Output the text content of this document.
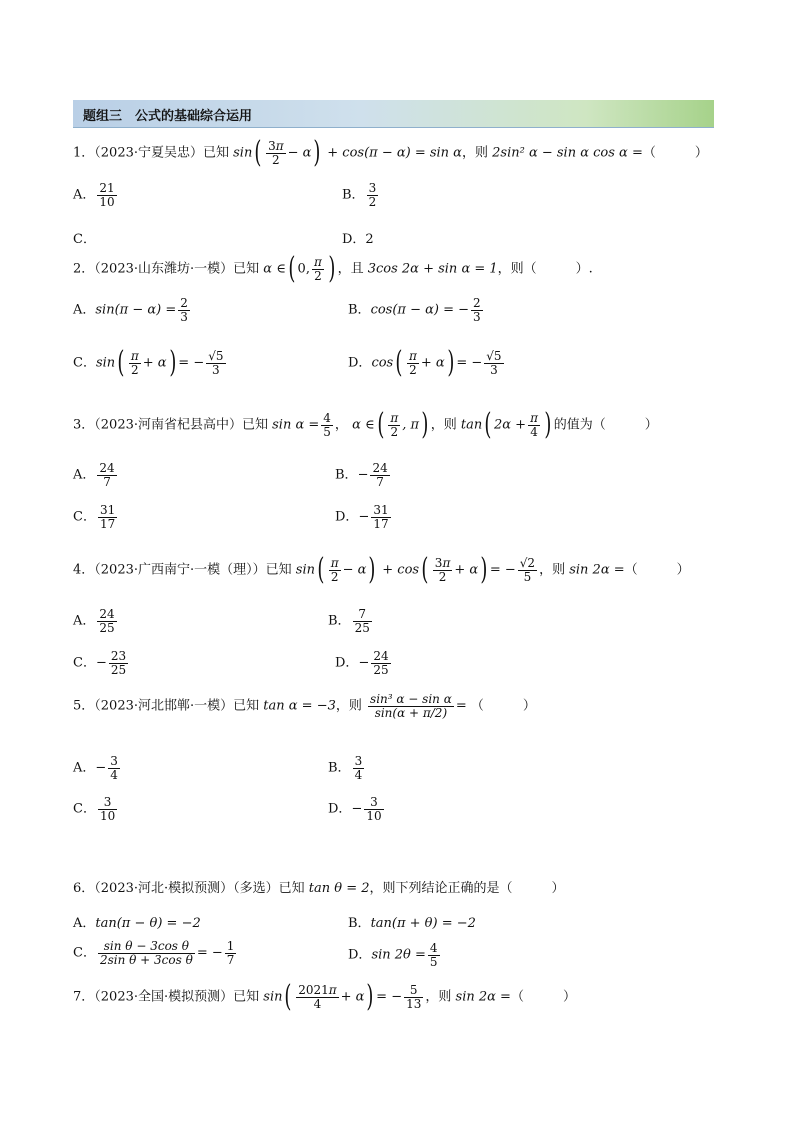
题组三　公式的基础综合运用
1．（2023·宁夏吴忠）已知 $\sin( \frac{3\pi}{2} - \alpha) + \cos(\pi - \alpha) = \sin \alpha$，则 2sin² α − sin α cos α =（　　　）
A． $\frac{21}{10}$	B． $\frac{3}{2}$
C．	D．2
2．（2023·山东潍坊·一模）已知 α ∈( 0, $\frac{\pi}{2}$ ) ，且 3cos 2α + sin α = 1，则（　　　）.
A．$\sin(\pi - \alpha) = \frac{2}{3}$	B．cos(π − α) = − $\frac{2}{3}$
C．$\sin( \frac{\pi}{2} + \alpha)$ = − $\frac{√5}{3}$	D．$\cos( \frac{\pi}{2} + \alpha)$ = − $\frac{√5}{3}$
3．（2023·河南省杞县高中）已知 $\sin \alpha = \frac{4}{5}$ ， α ∈( $\frac{\pi}{2}$ , π) ，则 tan( $2\alpha + \frac{\pi}{4}$ ) 的值为（　　　）
A． $\frac{24}{7}$	B．− $\frac{24}{7}$
C． $\frac{31}{17}$	D．− $\frac{31}{17}$
4．（2023·广西南宁·一模（理））已知 $\sin( \frac{\pi}{2} - \alpha) + \cos( \frac{3\pi}{2} + \alpha)$ = − $\frac{√2}{5}$ ，则 sin 2α =（　　　）
A． $\frac{24}{25}$	B． $\frac{7}{25}$
C．− $\frac{23}{25}$	D．− $\frac{24}{25}$
5．（2023·河北邯郸·一模）已知 tan α = −3，则 $\frac{\text{sin³ α − sin α}}{\sin(\alpha + \pi/2)}$ = （　　　）
A．− $\frac{3}{4}$	B． $\frac{3}{4}$
C． $\frac{3}{10}$	D．− $\frac{3}{10}$
6．（2023·河北·模拟预测）（多选）已知 tan θ = 2，则下列结论正确的是（　　　）
A．tan(π − θ) = −2	B．tan(π + θ) = −2
C． $\frac{\text{sin θ − 3cos θ}}{\text{2sin θ + 3cos θ}}$ = − $\frac{1}{7}$	D．$\sin 2\theta = \frac{4}{5}$
7．（2023·全国·模拟预测）已知 $\sin( \frac{2021\pi}{4} + \alpha)$ = − $\frac{5}{13}$ ，则 sin 2α =（　　　）
